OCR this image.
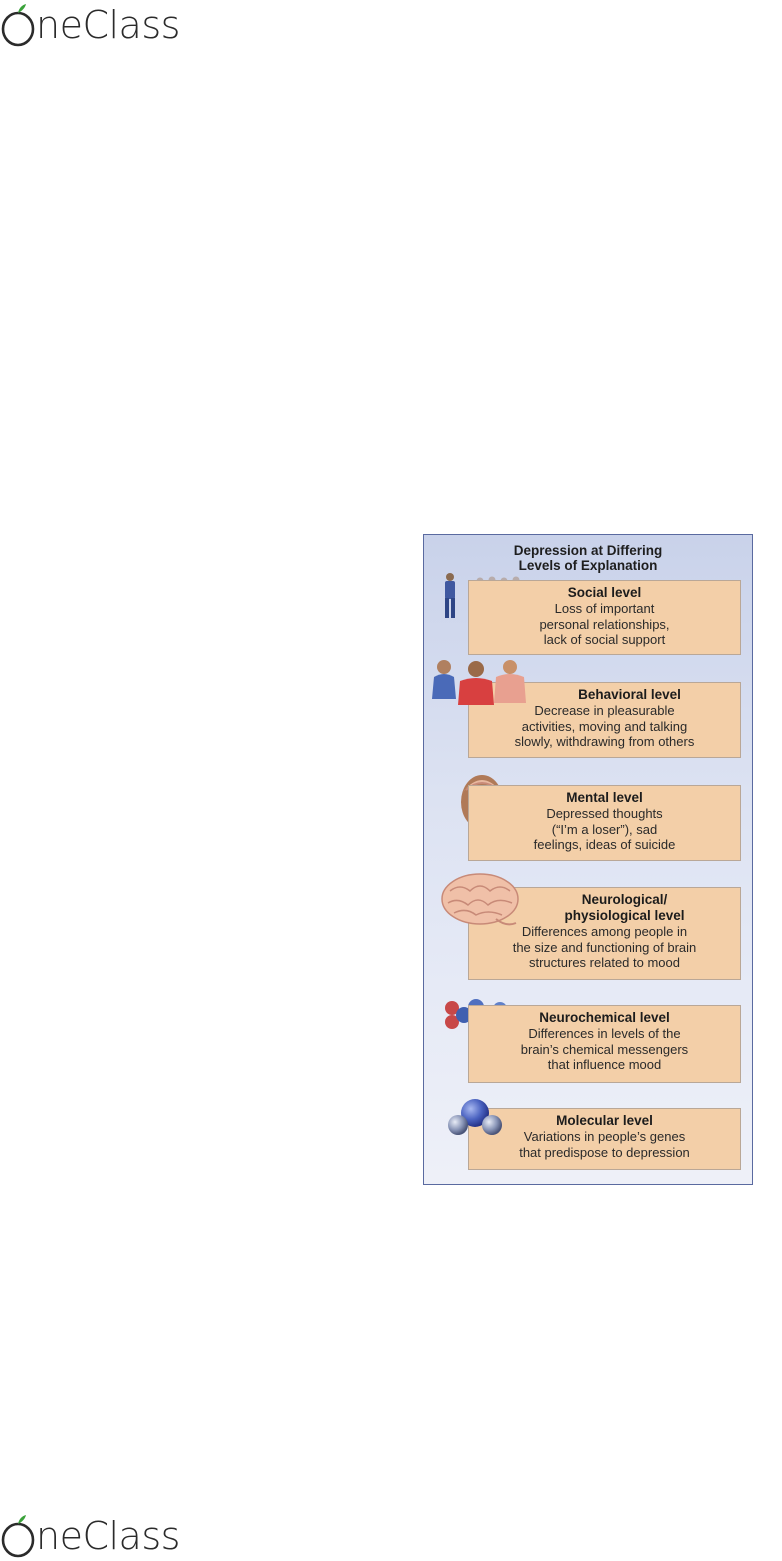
neClass
Depression at Differing
Levels of Explanation
Social level
Loss of important
personal relationships,
lack of social support
Behavioral level
Decrease in pleasurable
activities, moving and talking
slowly, withdrawing from others
Mental level
Depressed thoughts
(“I’m a loser”), sad
feelings, ideas of suicide
Neurological/
physiological level
Differences among people in
the size and functioning of brain
structures related to mood
Neurochemical level
Differences in levels of the
brain’s chemical messengers
that influence mood
Molecular level
Variations in people’s genes
that predispose to depression
neClass
